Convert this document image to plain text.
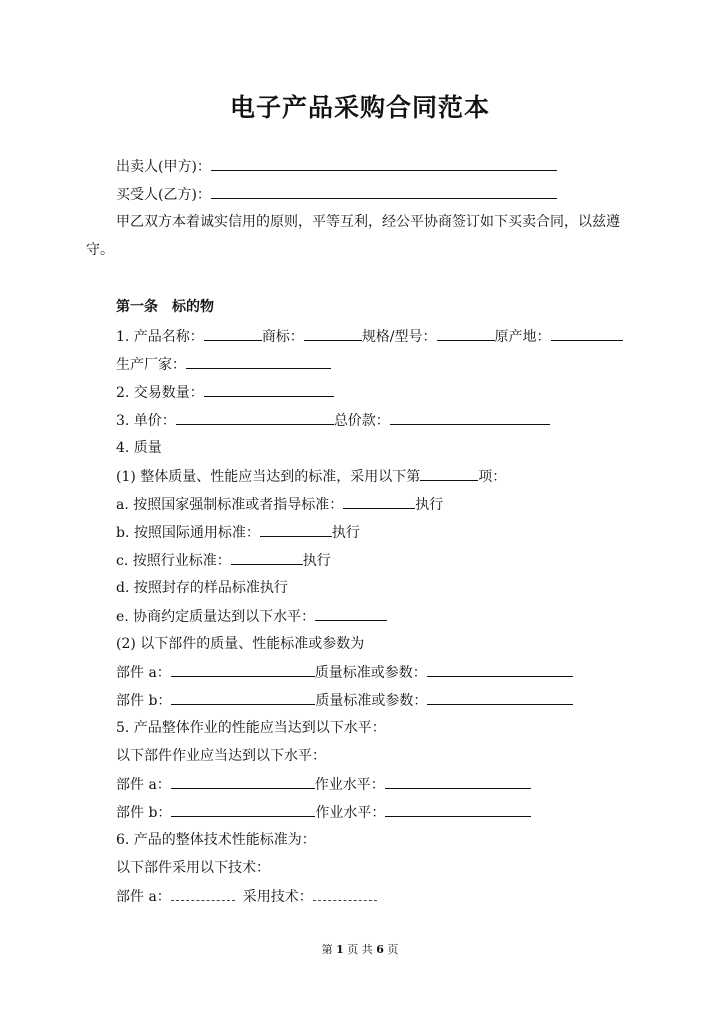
电子产品采购合同范本
出卖人(甲方)：
买受人(乙方)：
甲乙双方本着诚实信用的原则，平等互利，经公平协商签订如下买卖合同，以兹遵守。
第一条　标的物
1. 产品名称：	商标：	规格/型号：	原产地：
生产厂家：
2. 交易数量：
3. 单价：	总价款：
4. 质量
(1) 整体质量、性能应当达到的标准，采用以下第	项：
a. 按照国家强制标准或者指导标准：	执行
b. 按照国际通用标准：	执行
c. 按照行业标准：	执行
d. 按照封存的样品标准执行
e. 协商约定质量达到以下水平：
(2) 以下部件的质量、性能标准或参数为
部件 a：	质量标准或参数：
部件 b：	质量标准或参数：
5. 产品整体作业的性能应当达到以下水平：
以下部件作业应当达到以下水平：
部件 a：	作业水平：
部件 b：	作业水平：
6. 产品的整体技术性能标准为：
以下部件采用以下技术：
部件 a：	采用技术：
第 1 页 共 6 页
